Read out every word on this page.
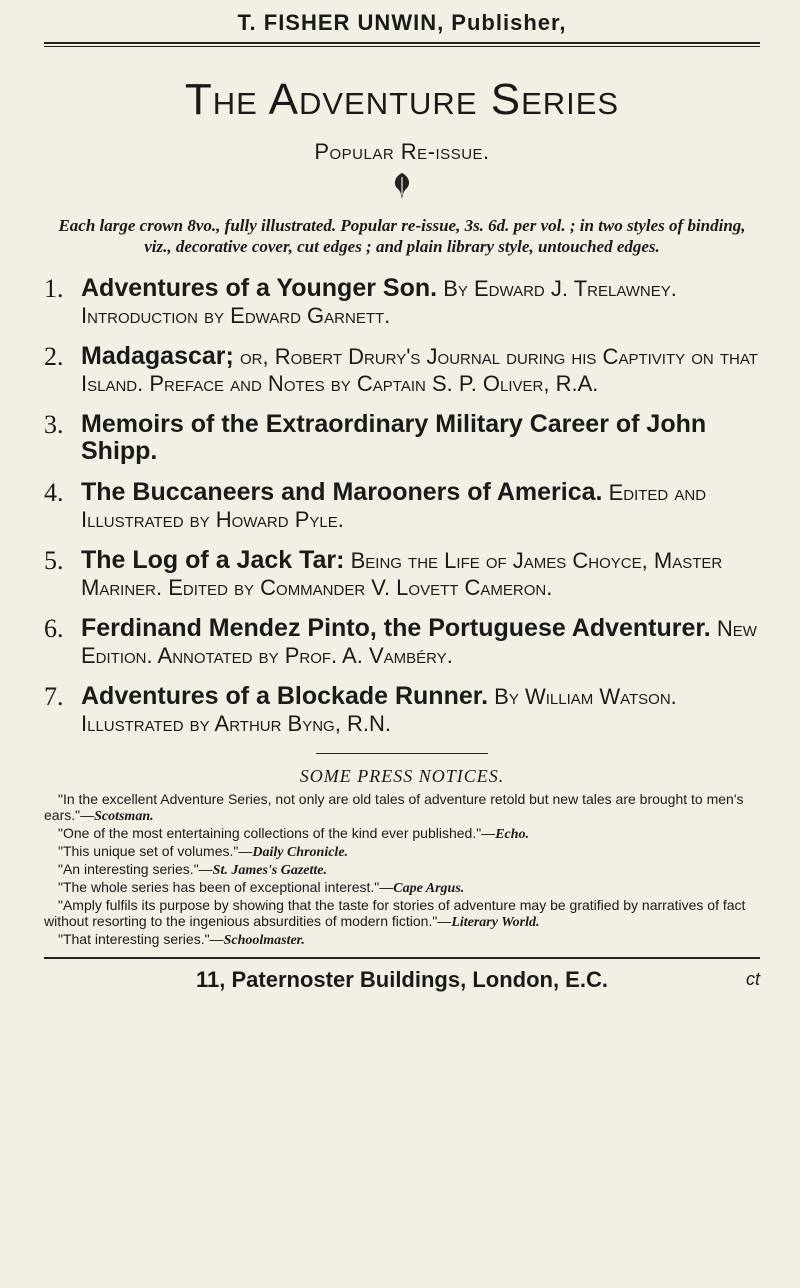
T. FISHER UNWIN, Publisher,
The Adventure Series
Popular Re-issue.

Each large crown 8vo., fully illustrated. Popular re-issue, 3s. 6d. per vol. ; in two styles of binding, viz., decorative cover, cut edges ; and plain library style, untouched edges.

1. Adventures of a Younger Son. By Edward J. Trelawney. Introduction by Edward Garnett.
2. Madagascar; or, Robert Drury's Journal during his Captivity on that Island. Preface and Notes by Captain S. P. Oliver, R.A.
3. Memoirs of the Extraordinary Military Career of John Shipp.
4. The Buccaneers and Marooners of America. Edited and Illustrated by Howard Pyle.
5. The Log of a Jack Tar: Being the Life of James Choyce, Master Mariner. Edited by Commander V. Lovett Cameron.
6. Ferdinand Mendez Pinto, the Portuguese Adventurer. New Edition. Annotated by Prof. A. Vambéry.
7. Adventures of a Blockade Runner. By William Watson. Illustrated by Arthur Byng, R.N.
SOME PRESS NOTICES.

"In the excellent Adventure Series, not only are old tales of adventure retold but new tales are brought to men's ears."—Scotsman.

"One of the most entertaining collections of the kind ever published."—Echo.

"This unique set of volumes."—Daily Chronicle.

"An interesting series."—St. James's Gazette.

"The whole series has been of exceptional interest."—Cape Argus.

"Amply fulfils its purpose by showing that the taste for stories of adventure may be gratified by narratives of fact without resorting to the ingenious absurdities of modern fiction."—Literary World.

"That interesting series."—Schoolmaster.

11, Paternoster Buildings, London, E.C.	ct
